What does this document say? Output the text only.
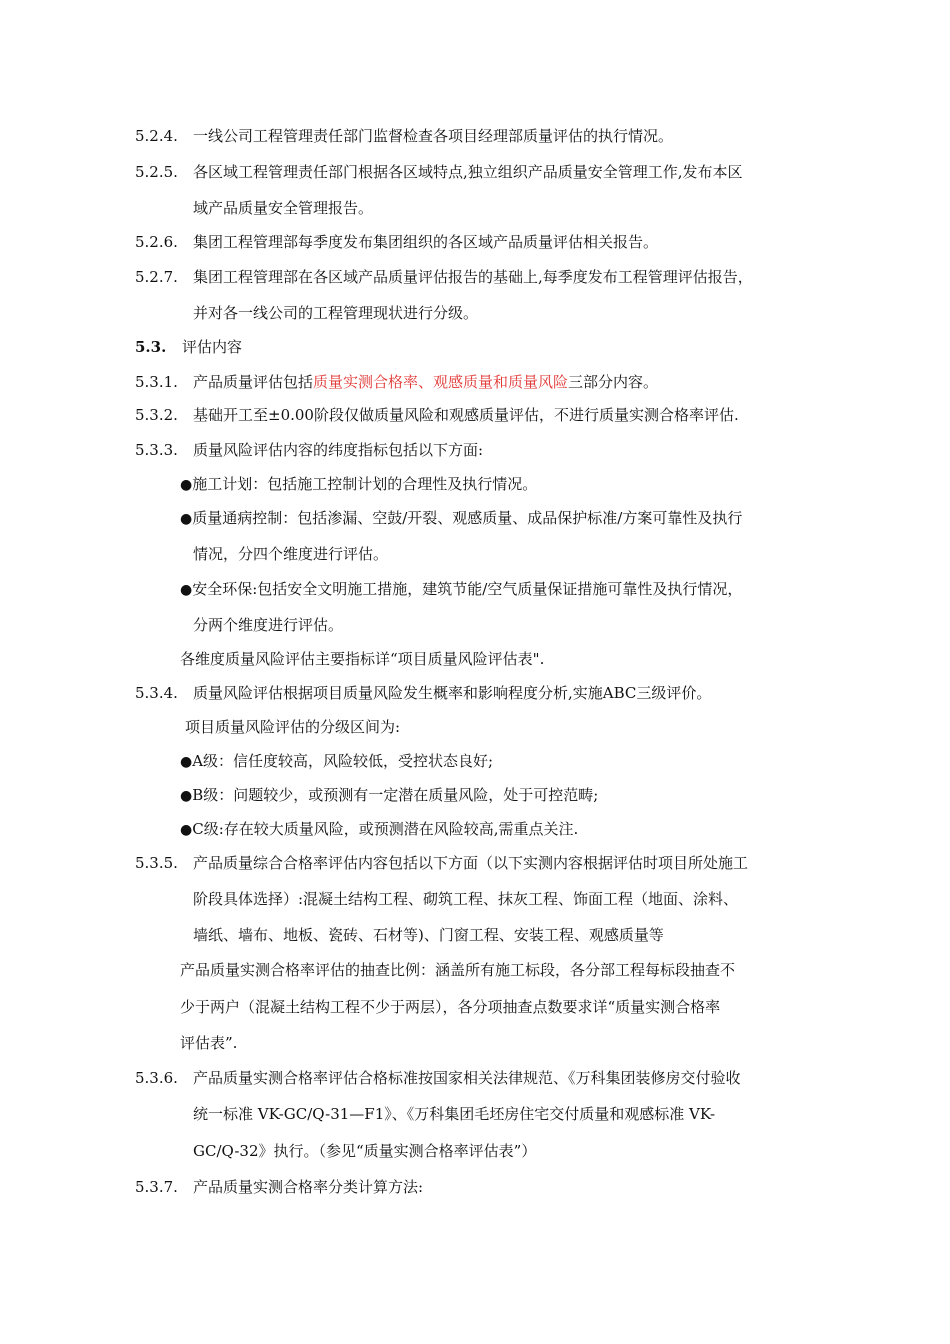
5.2.4.	一线公司工程管理责任部门监督检查各项目经理部质量评估的执行情况。
5.2.5.	各区域工程管理责任部门根据各区域特点,独立组织产品质量安全管理工作,发布本区
域产品质量安全管理报告。
5.2.6.	集团工程管理部每季度发布集团组织的各区域产品质量评估相关报告。
5.2.7.	集团工程管理部在各区域产品质量评估报告的基础上,每季度发布工程管理评估报告，
并对各一线公司的工程管理现状进行分级。
5.3. 评估内容
5.3.1.	产品质量评估包括质量实测合格率、观感质量和质量风险三部分内容。
5.3.2.	基础开工至±0.00阶段仅做质量风险和观感质量评估，不进行质量实测合格率评估.
5.3.3.	质量风险评估内容的纬度指标包括以下方面:
●施工计划：包括施工控制计划的合理性及执行情况。
●质量通病控制：包括渗漏、空鼓/开裂、观感质量、成品保护标准/方案可靠性及执行
情况，分四个维度进行评估。
●安全环保:包括安全文明施工措施，建筑节能/空气质量保证措施可靠性及执行情况，
分两个维度进行评估。
各维度质量风险评估主要指标详“项目质量风险评估表".
5.3.4.	质量风险评估根据项目质量风险发生概率和影响程度分析,实施ABC三级评价。
项目质量风险评估的分级区间为:
●A级：信任度较高，风险较低，受控状态良好;
●B级：问题较少，或预测有一定潜在质量风险，处于可控范畴;
●C级:存在较大质量风险，或预测潜在风险较高,需重点关注.
5.3.5.	产品质量综合合格率评估内容包括以下方面（以下实测内容根据评估时项目所处施工
阶段具体选择）:混凝土结构工程、砌筑工程、抹灰工程、饰面工程（地面、涂料、
墙纸、墙布、地板、瓷砖、石材等)、门窗工程、安装工程、观感质量等
产品质量实测合格率评估的抽查比例：涵盖所有施工标段，各分部工程每标段抽查不
少于两户（混凝土结构工程不少于两层），各分项抽查点数要求详“质量实测合格率
评估表”.
5.3.6.	产品质量实测合格率评估合格标准按国家相关法律规范、《万科集团装修房交付验收
统一标准 VK-GC/Q-31—F1》、《万科集团毛坯房住宅交付质量和观感标准 VK-
GC/Q-32》执行。（参见“质量实测合格率评估表”）
5.3.7.	产品质量实测合格率分类计算方法:
